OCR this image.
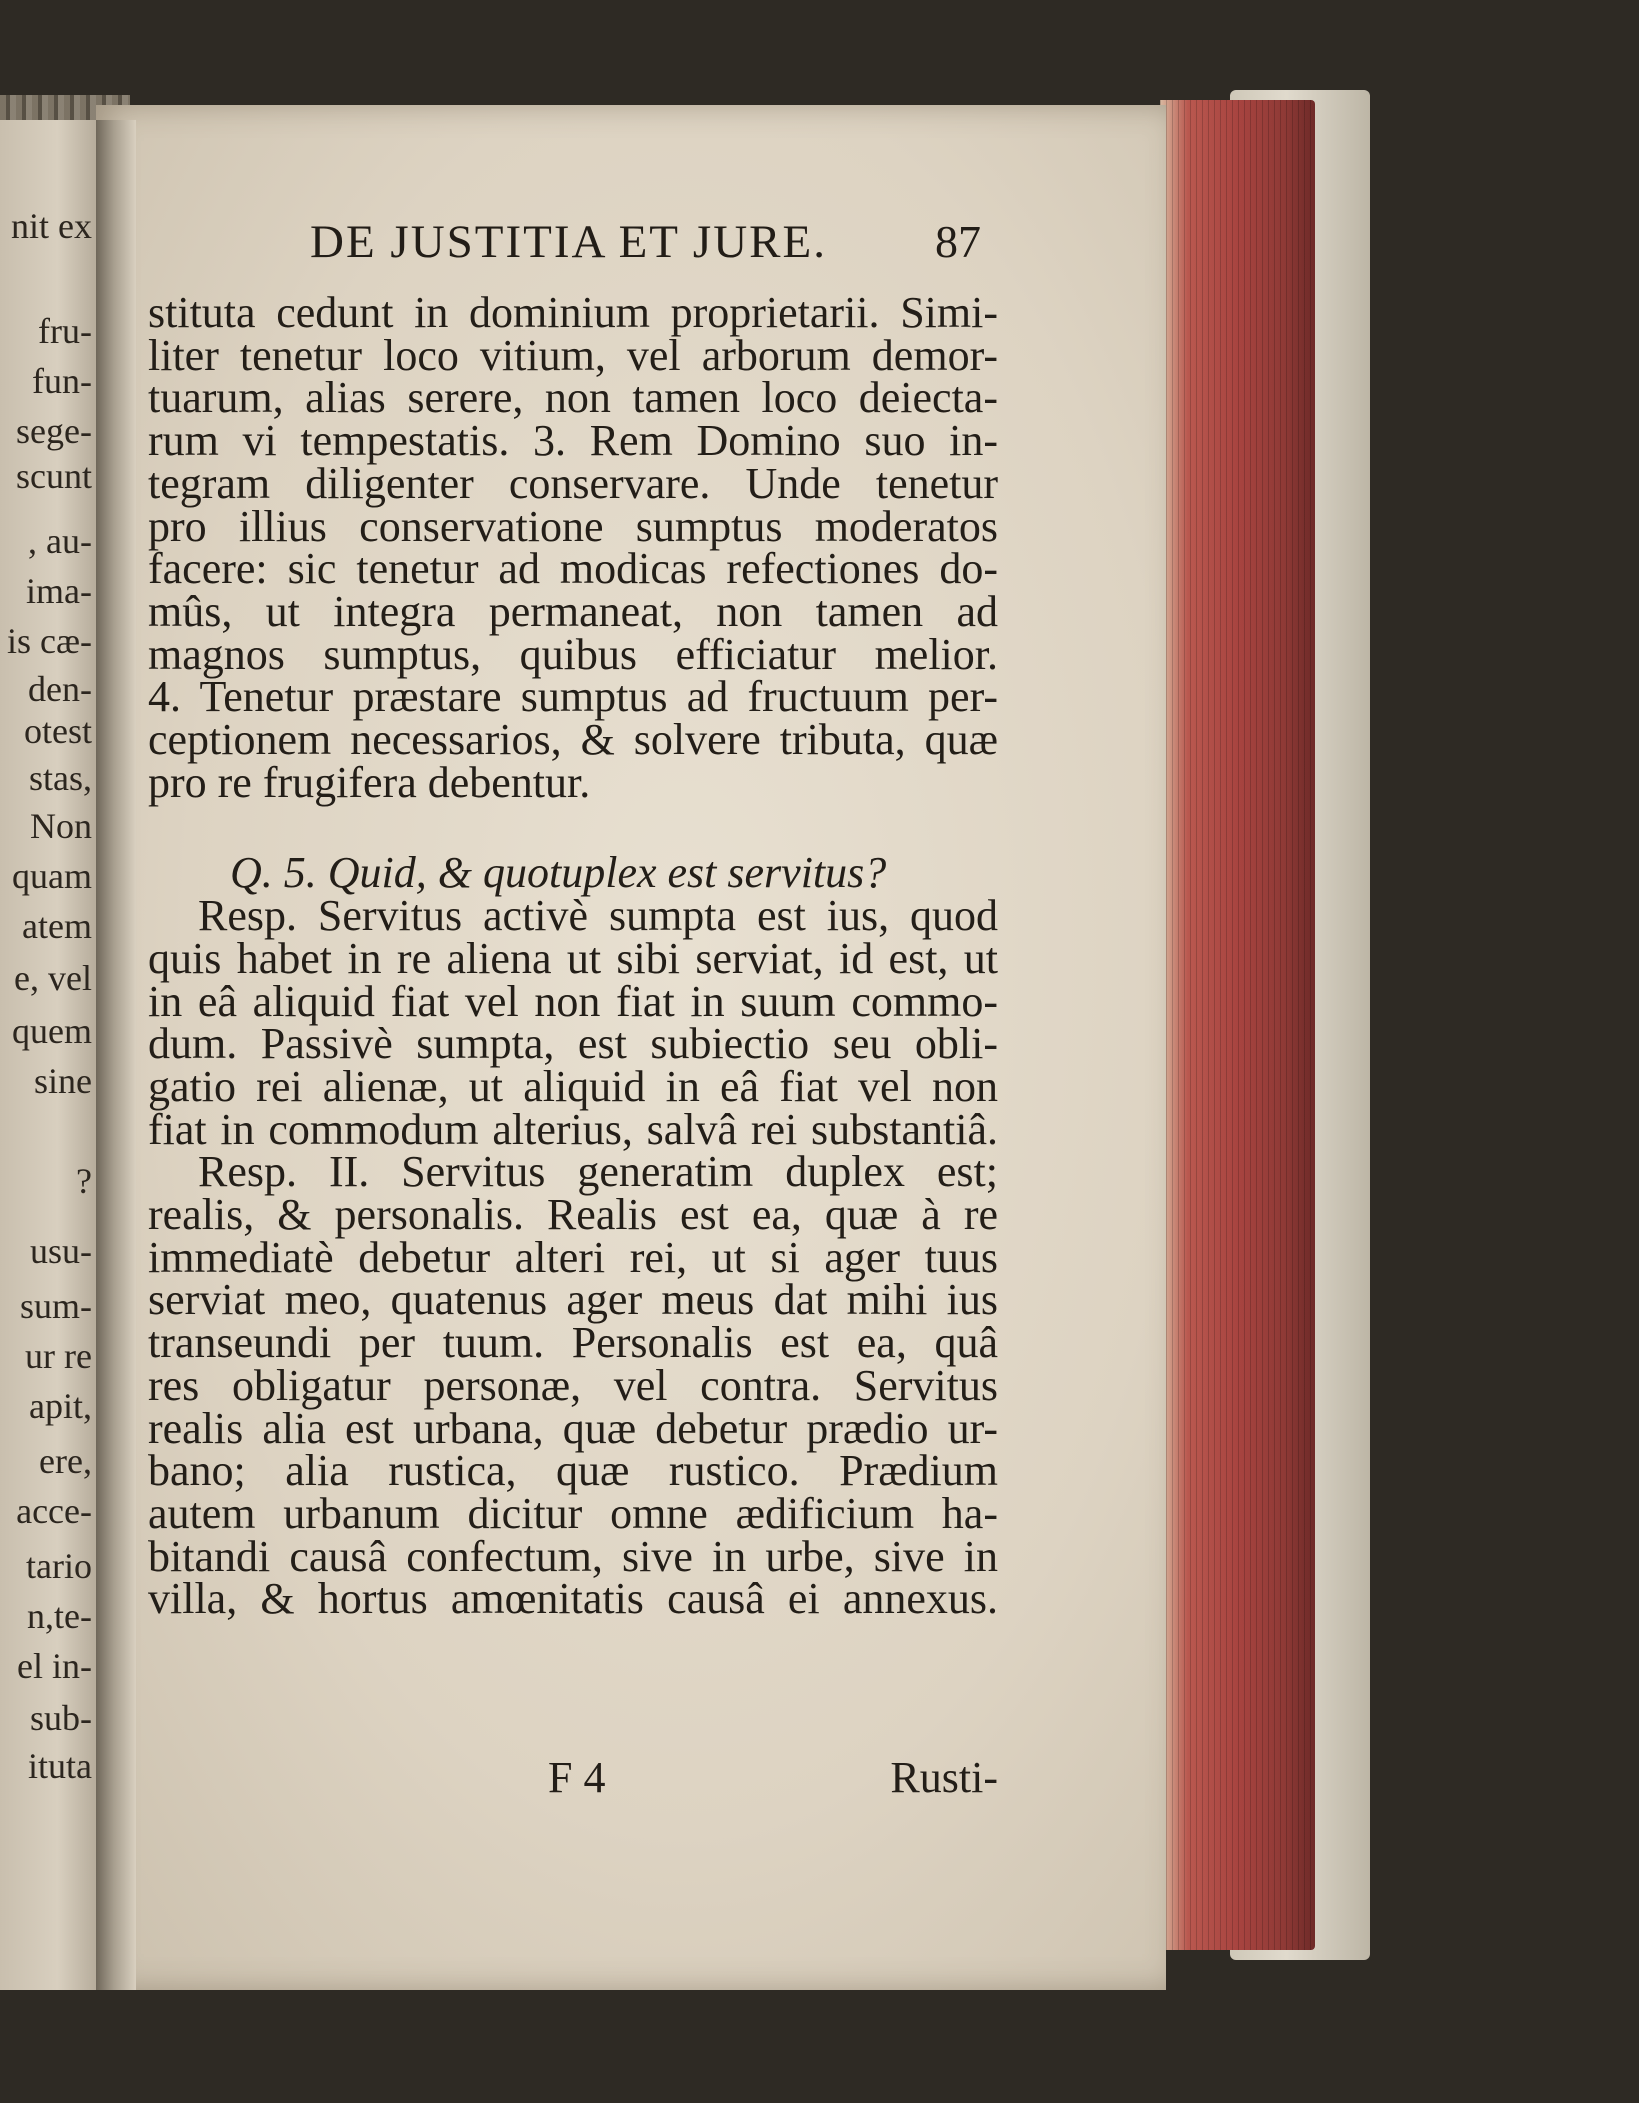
nit ex
fru-
fun-
sege-
scunt
, au-
ima-
is cæ-
den-
otest
stas,
Non
quam
atem
e, vel
quem
sine
?
usu-
sum-
ur re
apit,
ere,
acce-
tario
n,te-
el in-
sub-
ituta
DE JUSTITIA ET JURE.	87
stituta cedunt in dominium proprietarii. Simi-
liter tenetur loco vitium, vel arborum demor-
tuarum, alias serere, non tamen loco deiecta-
rum vi tempestatis. 3. Rem Domino suo in-
tegram diligenter conservare. Unde tenetur
pro illius conservatione sumptus moderatos
facere: sic tenetur ad modicas refectiones do-
mûs, ut integra permaneat, non tamen ad
magnos sumptus, quibus efficiatur melior.
4. Tenetur præstare sumptus ad fructuum per-
ceptionem necessarios, & solvere tributa, quæ
pro re frugifera debentur.
Q. 5. Quid, & quotuplex est servitus?
Resp. Servitus activè sumpta est ius, quod
quis habet in re aliena ut sibi serviat, id est, ut
in eâ aliquid fiat vel non fiat in suum commo-
dum. Passivè sumpta, est subiectio seu obli-
gatio rei alienæ, ut aliquid in eâ fiat vel non
fiat in commodum alterius, salvâ rei substantiâ.
Resp. II. Servitus generatim duplex est;
realis, & personalis. Realis est ea, quæ à re
immediatè debetur alteri rei, ut si ager tuus
serviat meo, quatenus ager meus dat mihi ius
transeundi per tuum. Personalis est ea, quâ
res obligatur personæ, vel contra. Servitus
realis alia est urbana, quæ debetur prædio ur-
bano; alia rustica, quæ rustico. Prædium
autem urbanum dicitur omne ædificium ha-
bitandi causâ confectum, sive in urbe, sive in
villa, & hortus amœnitatis causâ ei annexus.
F 4	Rusti-
